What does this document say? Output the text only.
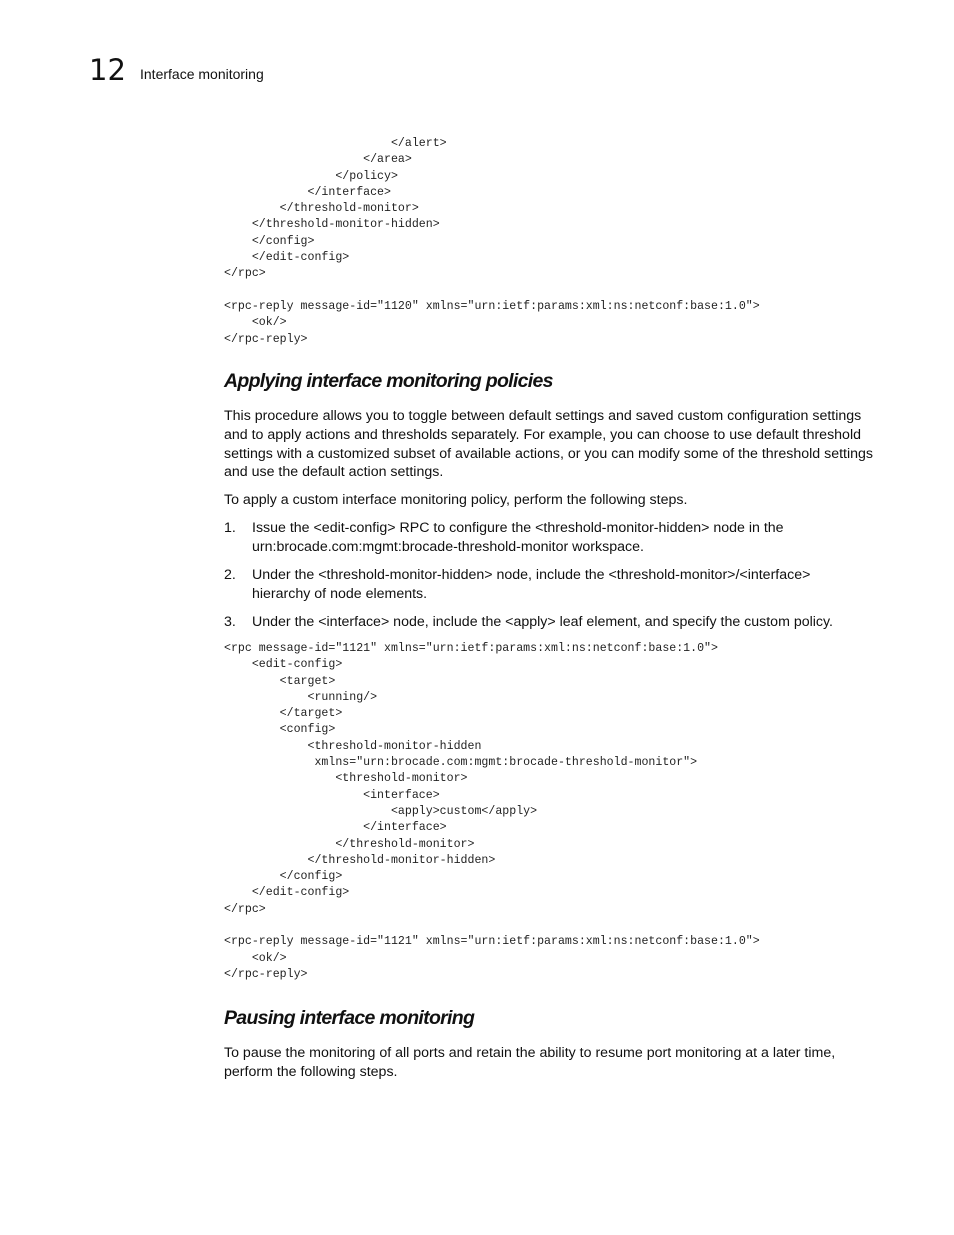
12 Interface monitoring
</alert>
</area>
</policy>
</interface>
</threshold-monitor>
</threshold-monitor-hidden>
</config>
</edit-config>
</rpc>
<rpc-reply message-id="1120" xmlns="urn:ietf:params:xml:ns:netconf:base:1.0">
<ok/>
</rpc-reply>
Applying interface monitoring policies

This procedure allows you to toggle between default settings and saved custom configuration settings and to apply actions and thresholds separately. For example, you can choose to use default threshold settings with a customized subset of available actions, or you can modify some of the threshold settings and use the default action settings.

To apply a custom interface monitoring policy, perform the following steps.

1. Issue the <edit-config> RPC to configure the <threshold-monitor-hidden> node in the urn:brocade.com:mgmt:brocade-threshold-monitor workspace.
2. Under the <threshold-monitor-hidden> node, include the <threshold-monitor>/<interface> hierarchy of node elements.
3. Under the <interface> node, include the <apply> leaf element, and specify the custom policy.
<rpc message-id="1121" xmlns="urn:ietf:params:xml:ns:netconf:base:1.0">
<edit-config>
<target>
<running/>
</target>
<config>
<threshold-monitor-hidden
xmlns="urn:brocade.com:mgmt:brocade-threshold-monitor">
<threshold-monitor>
<interface>
<apply>custom</apply>
</interface>
</threshold-monitor>
</threshold-monitor-hidden>
</config>
</edit-config>
</rpc>
<rpc-reply message-id="1121" xmlns="urn:ietf:params:xml:ns:netconf:base:1.0">
<ok/>
</rpc-reply>
Pausing interface monitoring

To pause the monitoring of all ports and retain the ability to resume port monitoring at a later time, perform the following steps.
